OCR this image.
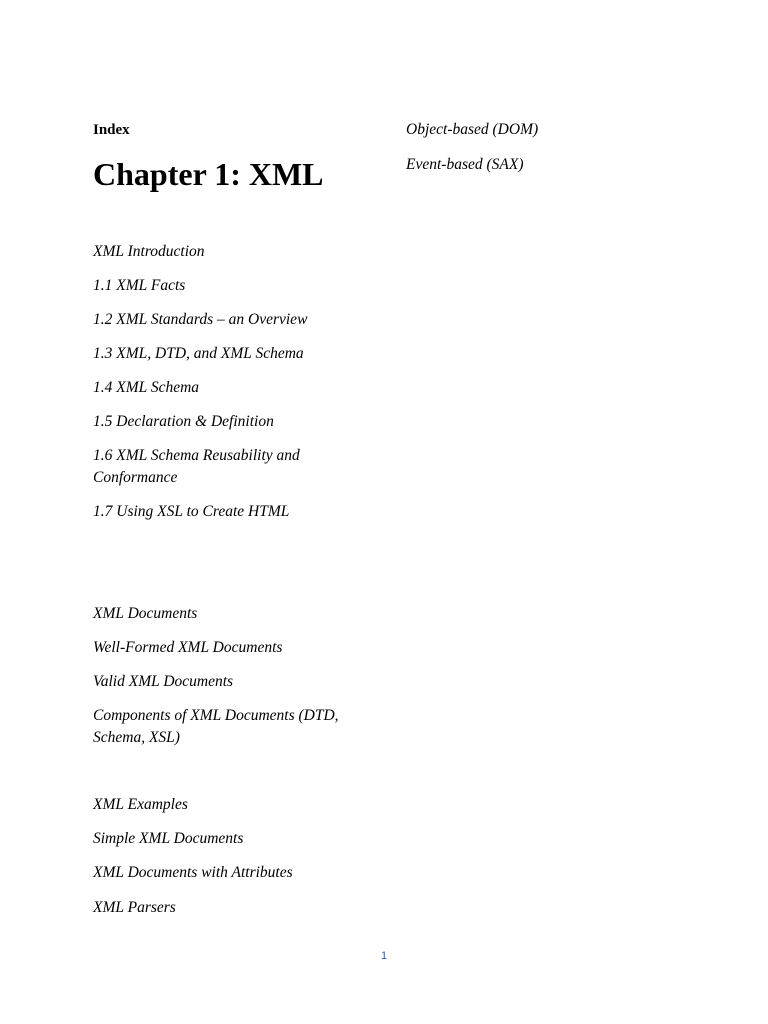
Index
Chapter 1: XML
XML Introduction
1.1 XML Facts
1.2 XML Standards – an Overview
1.3 XML, DTD, and XML Schema
1.4 XML Schema
1.5 Declaration & Definition
1.6 XML Schema Reusability and Conformance
1.7 Using XSL to Create HTML
XML Documents
Well-Formed XML Documents
Valid XML Documents
Components of XML Documents (DTD, Schema, XSL)
XML Examples
Simple XML Documents
XML Documents with Attributes
XML Parsers
Object-based (DOM)
Event-based (SAX)
1
